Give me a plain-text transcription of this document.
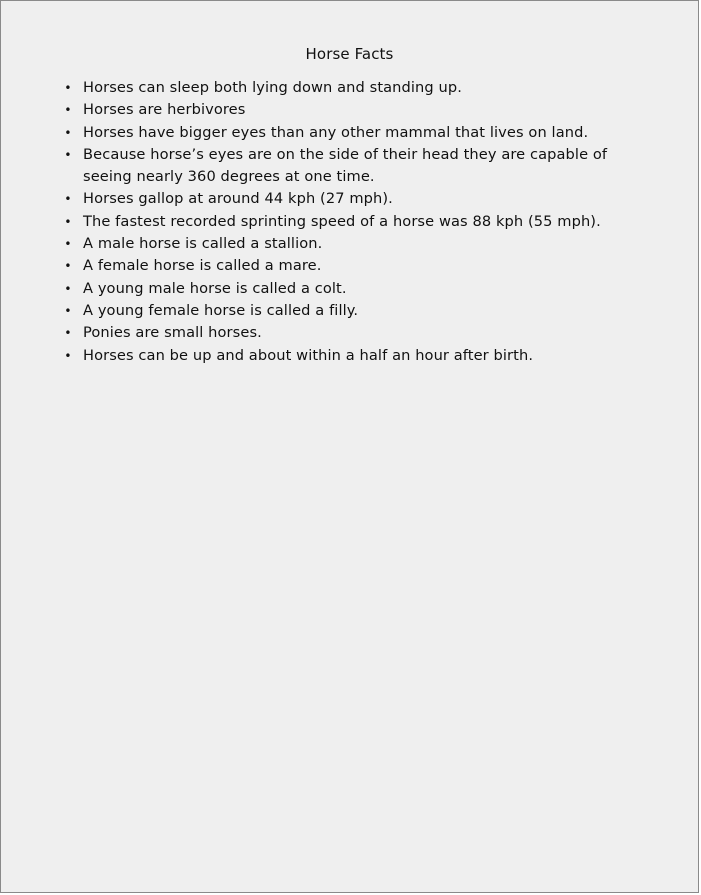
Horse Facts
• Horses can sleep both lying down and standing up.
• Horses are herbivores
• Horses have bigger eyes than any other mammal that lives on land.
• Because horse’s eyes are on the side of their head they are capable of seeing nearly 360 degrees at one time.
• Horses gallop at around 44 kph (27 mph).
• The fastest recorded sprinting speed of a horse was 88 kph (55 mph).
• A male horse is called a stallion.
• A female horse is called a mare.
• A young male horse is called a colt.
• A young female horse is called a filly.
• Ponies are small horses.
• Horses can be up and about within a half an hour after birth.
